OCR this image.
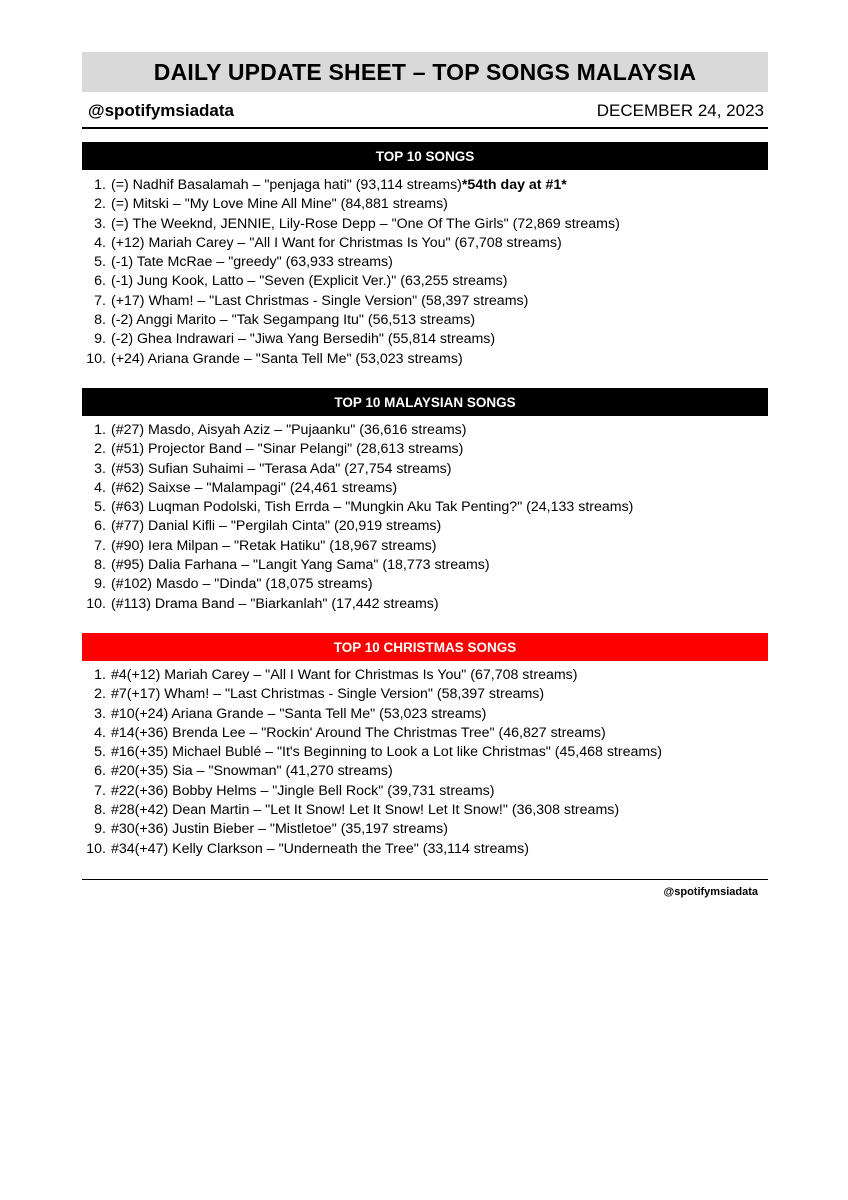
DAILY UPDATE SHEET – TOP SONGS MALAYSIA
@spotifymsiadata	DECEMBER 24, 2023
TOP 10 SONGS
1. (=) Nadhif Basalamah – "penjaga hati" (93,114 streams) *54th day at #1*
2. (=) Mitski – "My Love Mine All Mine" (84,881 streams)
3. (=) The Weeknd, JENNIE, Lily-Rose Depp – "One Of The Girls" (72,869 streams)
4. (+12) Mariah Carey – "All I Want for Christmas Is You" (67,708 streams)
5. (-1) Tate McRae – "greedy" (63,933 streams)
6. (-1) Jung Kook, Latto – "Seven (Explicit Ver.)" (63,255 streams)
7. (+17) Wham! – "Last Christmas - Single Version" (58,397 streams)
8. (-2) Anggi Marito – "Tak Segampang Itu" (56,513 streams)
9. (-2) Ghea Indrawari – "Jiwa Yang Bersedih" (55,814 streams)
10. (+24) Ariana Grande – "Santa Tell Me" (53,023 streams)
TOP 10 MALAYSIAN SONGS
1. (#27) Masdo, Aisyah Aziz – "Pujaanku" (36,616 streams)
2. (#51) Projector Band – "Sinar Pelangi" (28,613 streams)
3. (#53) Sufian Suhaimi – "Terasa Ada" (27,754 streams)
4. (#62) Saixse – "Malampagi" (24,461 streams)
5. (#63) Luqman Podolski, Tish Errda – "Mungkin Aku Tak Penting?" (24,133 streams)
6. (#77) Danial Kifli – "Pergilah Cinta" (20,919 streams)
7. (#90) Iera Milpan – "Retak Hatiku" (18,967 streams)
8. (#95) Dalia Farhana – "Langit Yang Sama" (18,773 streams)
9. (#102) Masdo – "Dinda" (18,075 streams)
10. (#113) Drama Band – "Biarkanlah" (17,442 streams)
TOP 10 CHRISTMAS SONGS
1. #4(+12) Mariah Carey – "All I Want for Christmas Is You" (67,708 streams)
2. #7(+17) Wham! – "Last Christmas - Single Version" (58,397 streams)
3. #10(+24) Ariana Grande – "Santa Tell Me" (53,023 streams)
4. #14(+36) Brenda Lee – "Rockin' Around The Christmas Tree" (46,827 streams)
5. #16(+35) Michael Bublé – "It's Beginning to Look a Lot like Christmas" (45,468 streams)
6. #20(+35) Sia – "Snowman" (41,270 streams)
7. #22(+36) Bobby Helms – "Jingle Bell Rock" (39,731 streams)
8. #28(+42) Dean Martin – "Let It Snow! Let It Snow! Let It Snow!" (36,308 streams)
9. #30(+36) Justin Bieber – "Mistletoe" (35,197 streams)
10. #34(+47) Kelly Clarkson – "Underneath the Tree" (33,114 streams)
@spotifymsiadata
